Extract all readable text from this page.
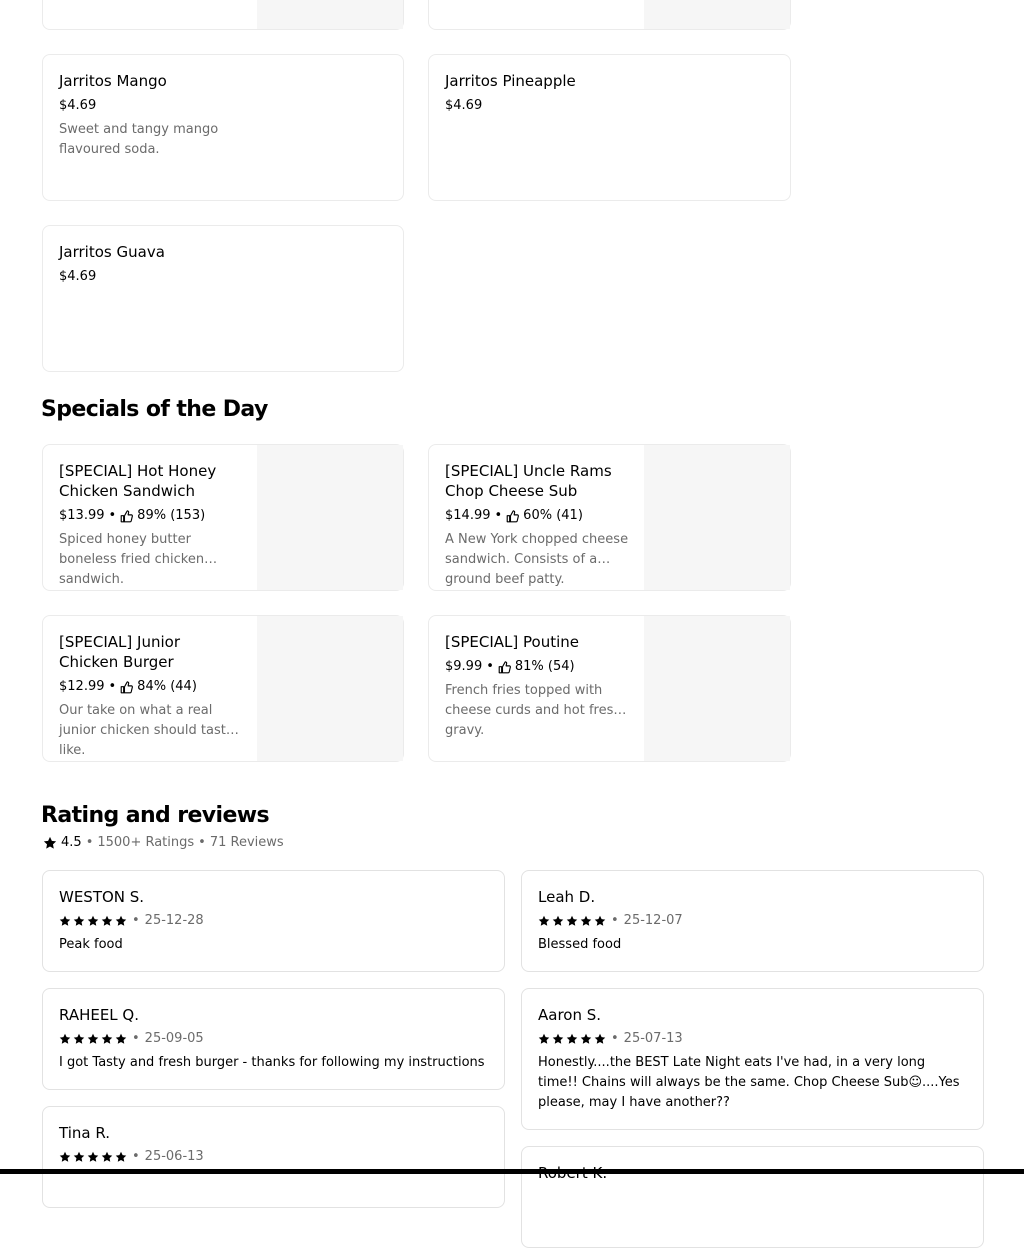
Jarritos Mango
$4.69
Sweet and tangy mango flavoured soda.
Jarritos Pineapple
$4.69
Jarritos Guava
$4.69
Specials of the Day
[SPECIAL] Hot Honey Chicken Sandwich
$13.99 • 89% (153)
Spiced honey butter boneless fried chicken sandwich.
[SPECIAL] Uncle Rams Chop Cheese Sub
$14.99 • 60% (41)
A New York chopped cheese sandwich. Consists of a ground beef patty.
[SPECIAL] Junior Chicken Burger
$12.99 • 84% (44)
Our take on what a real junior chicken should taste like.
[SPECIAL] Poutine
$9.99 • 81% (54)
French fries topped with cheese curds and hot fresh gravy.
Rating and reviews
4.5 • 1500+ Ratings • 71 Reviews
WESTON S.
• 25-12-28
Peak food
Leah D.
• 25-12-07
Blessed food
RAHEEL Q.
• 25-09-05
I got Tasty and fresh burger - thanks for following my instructions
Aaron S.
• 25-07-13
Honestly....the BEST Late Night eats I've had, in a very long time!! Chains will always be the same. Chop Cheese Sub☺....Yes please, may I have another??
Tina R.
• 25-06-13
